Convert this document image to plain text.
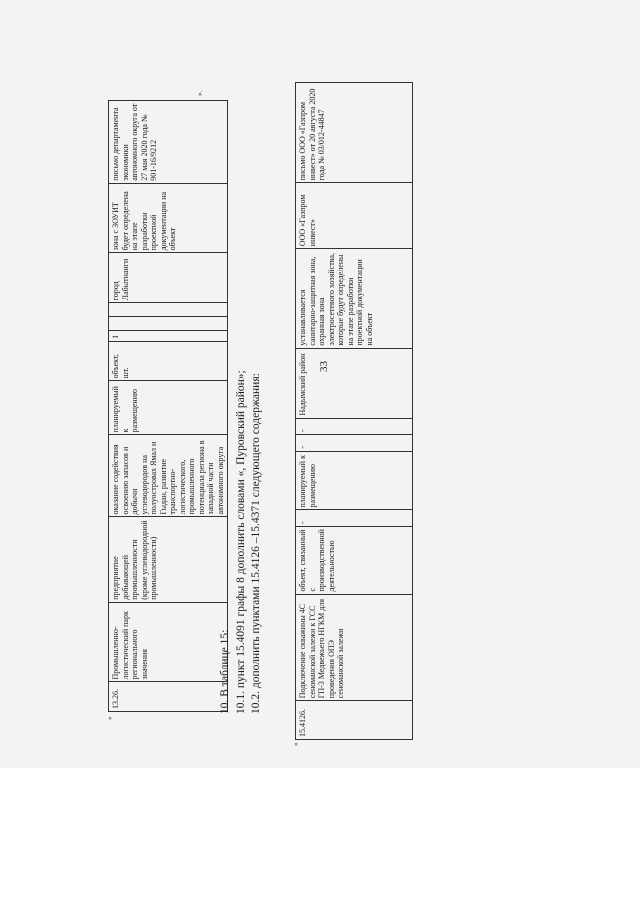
33
«
13.26.	Промышленно-логистический парк регионального значения	предприятие добывающей промышленности (кроме углеводородной промышленности)	оказание содействия освоению запасов и добычи углеводородов на полуостровах Ямал и Гыдан, развитие транспортно-логистического, промышленного потенциала региона в западной части автономного округа	планируемый к размещению	объект, шт.	1			город Лабытнанги	зона с ЗОУИТ будет определена на этапе разработки проектной документации на объект	письмо департамента экономики автономного округа от 27 мая 2020 года № 901-16/9212
».
10. В таблице 15: 10.1. пункт 15.4091 графы 8 дополнить словами «, Пуровский район»; 10.2. дополнить пунктами 15.4126 –15.4371 следующего содержания:
«
15.4126.	Подключение скважины 4С сеноманской залежи к ГСС ГП-3 Медвежьего НГКМ для проведения ОПЭ сеноманской залежи	объект, связанный с производственной деятельностью	-	планируемый к размещению	-	-	Надымский район	устанавливается санитарно-защитная зона, охранная зона электросетевого хозяйства, которые будут определены на этапе разработки проектной документации на объект	ООО «Газпром инвест»	письмо ООО «Газпром инвест» от 20 августа 2020 года № 03/012-44847
